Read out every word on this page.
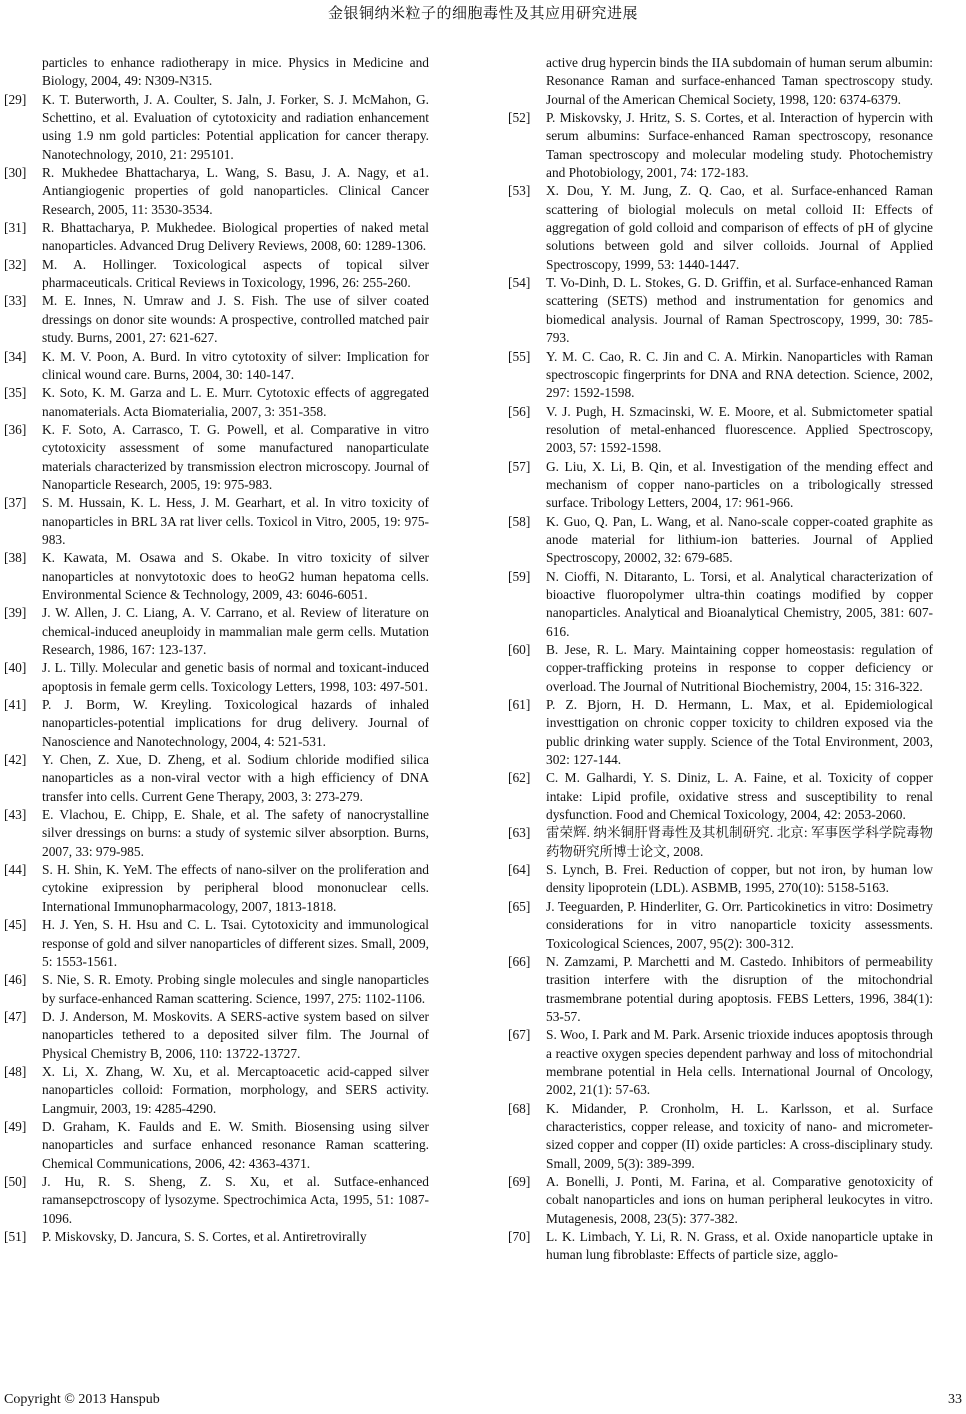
金银铜纳米粒子的细胞毒性及其应用研究进展
particles to enhance radiotherapy in mice. Physics in Medicine and Biology, 2004, 49: N309-N315.
[29]	K. T. Buterworth, J. A. Coulter, S. Jaln, J. Forker, S. J. McMahon, G. Schettino, et al. Evaluation of cytotoxicity and radiation enhancement using 1.9 nm gold particles: Potential application for cancer therapy. Nanotechnology, 2010, 21: 295101.
[30]	R. Mukhedee Bhattacharya, L. Wang, S. Basu, J. A. Nagy, et a1. Antiangiogenic properties of gold nanoparticles. Clinical Cancer Research, 2005, 11: 3530-3534.
[31]	R. Bhattacharya, P. Mukhedee. Biological properties of naked metal nanoparticles. Advanced Drug Delivery Reviews, 2008, 60: 1289-1306.
[32]	M. A. Hollinger. Toxicological aspects of topical silver pharmaceuticals. Critical Reviews in Toxicology, 1996, 26: 255-260.
[33]	M. E. Innes, N. Umraw and J. S. Fish. The use of silver coated dressings on donor site wounds: A prospective, controlled matched pair study. Burns, 2001, 27: 621-627.
[34]	K. M. V. Poon, A. Burd. In vitro cytotoxity of silver: Implication for clinical wound care. Burns, 2004, 30: 140-147.
[35]	K. Soto, K. M. Garza and L. E. Murr. Cytotoxic effects of aggregated nanomaterials. Acta Biomaterialia, 2007, 3: 351-358.
[36]	K. F. Soto, A. Carrasco, T. G. Powell, et al. Comparative in vitro cytotoxicity assessment of some manufactured nanoparticulate materials characterized by transmission electron microscopy. Journal of Nanoparticle Research, 2005, 19: 975-983.
[37]	S. M. Hussain, K. L. Hess, J. M. Gearhart, et al. In vitro toxicity of nanoparticles in BRL 3A rat liver cells. Toxicol in Vitro, 2005, 19: 975-983.
[38]	K. Kawata, M. Osawa and S. Okabe. In vitro toxicity of silver nanoparticles at nonvytotoxic does to heoG2 human hepatoma cells. Environmental Science & Technology, 2009, 43: 6046-6051.
[39]	J. W. Allen, J. C. Liang, A. V. Carrano, et al. Review of literature on chemical-induced aneuploidy in mammalian male germ cells. Mutation Research, 1986, 167: 123-137.
[40]	J. L. Tilly. Molecular and genetic basis of normal and toxicant-induced apoptosis in female germ cells. Toxicology Letters, 1998, 103: 497-501.
[41]	P. J. Borm, W. Kreyling. Toxicological hazards of inhaled nanoparticles-potential implications for drug delivery. Journal of Nanoscience and Nanotechnology, 2004, 4: 521-531.
[42]	Y. Chen, Z. Xue, D. Zheng, et al. Sodium chloride modified silica nanoparticles as a non-viral vector with a high efficiency of DNA transfer into cells. Current Gene Therapy, 2003, 3: 273-279.
[43]	E. Vlachou, E. Chipp, E. Shale, et al. The safety of nanocrystalline silver dressings on burns: a study of systemic silver absorption. Burns, 2007, 33: 979-985.
[44]	S. H. Shin, K. YeM. The effects of nano-silver on the proliferation and cytokine exipression by peripheral blood mononuclear cells. International Immunopharmacology, 2007, 1813-1818.
[45]	H. J. Yen, S. H. Hsu and C. L. Tsai. Cytotoxicity and immunological response of gold and silver nanoparticles of different sizes. Small, 2009, 5: 1553-1561.
[46]	S. Nie, S. R. Emoty. Probing single molecules and single nanoparticles by surface-enhanced Raman scattering. Science, 1997, 275: 1102-1106.
[47]	D. J. Anderson, M. Moskovits. A SERS-active system based on silver nanoparticles tethered to a deposited silver film. The Journal of Physical Chemistry B, 2006, 110: 13722-13727.
[48]	X. Li, X. Zhang, W. Xu, et al. Mercaptoacetic acid-capped silver nanoparticles colloid: Formation, morphology, and SERS activity. Langmuir, 2003, 19: 4285-4290.
[49]	D. Graham, K. Faulds and E. W. Smith. Biosensing using silver nanoparticles and surface enhanced resonance Raman scattering. Chemical Communications, 2006, 42: 4363-4371.
[50]	J. Hu, R. S. Sheng, Z. S. Xu, et al. Sutface-enhanced ramansepctroscopy of lysozyme. Spectrochimica Acta, 1995, 51: 1087-1096.
[51]	P. Miskovsky, D. Jancura, S. S. Cortes, et al. Antiretrovirally
active drug hypercin binds the IIA subdomain of human serum albumin: Resonance Raman and surface-enhanced Taman spectroscopy study. Journal of the American Chemical Society, 1998, 120: 6374-6379.
[52]	P. Miskovsky, J. Hritz, S. S. Cortes, et al. Interaction of hypercin with serum albumins: Surface-enhanced Raman spectroscopy, resonance Taman spectroscopy and molecular modeling study. Photochemistry and Photobiology, 2001, 74: 172-183.
[53]	X. Dou, Y. M. Jung, Z. Q. Cao, et al. Surface-enhanced Raman scattering of biologial moleculs on metal colloid II: Effects of aggregation of gold colloid and comparison of effects of pH of glycine solutions between gold and silver colloids. Journal of Applied Spectroscopy, 1999, 53: 1440-1447.
[54]	T. Vo-Dinh, D. L. Stokes, G. D. Griffin, et al. Surface-enhanced Raman scattering (SETS) method and instrumentation for genomics and biomedical analysis. Journal of Raman Spectroscopy, 1999, 30: 785-793.
[55]	Y. M. C. Cao, R. C. Jin and C. A. Mirkin. Nanoparticles with Raman spectroscopic fingerprints for DNA and RNA detection. Science, 2002, 297: 1592-1598.
[56]	V. J. Pugh, H. Szmacinski, W. E. Moore, et al. Submictometer spatial resolution of metal-enhanced fluorescence. Applied Spectroscopy, 2003, 57: 1592-1598.
[57]	G. Liu, X. Li, B. Qin, et al. Investigation of the mending effect and mechanism of copper nano-particles on a tribologically stressed surface. Tribology Letters, 2004, 17: 961-966.
[58]	K. Guo, Q. Pan, L. Wang, et al. Nano-scale copper-coated graphite as anode material for lithium-ion batteries. Journal of Applied Spectroscopy, 20002, 32: 679-685.
[59]	N. Cioffi, N. Ditaranto, L. Torsi, et al. Analytical characterization of bioactive fluoropolymer ultra-thin coatings modified by copper nanoparticles. Analytical and Bioanalytical Chemistry, 2005, 381: 607-616.
[60]	B. Jese, R. L. Mary. Maintaining copper homeostasis: regulation of copper-trafficking proteins in response to copper deficiency or overload. The Journal of Nutritional Biochemistry, 2004, 15: 316-322.
[61]	P. Z. Bjorn, H. D. Hermann, L. Max, et al. Epidemiological investtigation on chronic copper toxicity to children exposed via the public drinking water supply. Science of the Total Environment, 2003, 302: 127-144.
[62]	C. M. Galhardi, Y. S. Diniz, L. A. Faine, et al. Toxicity of copper intake: Lipid profile, oxidative stress and susceptibility to renal dysfunction. Food and Chemical Toxicology, 2004, 42: 2053-2060.
[63]	雷荣辉. 纳米铜肝肾毒性及其机制研究. 北京: 军事医学科学院毒物药物研究所博士论文, 2008.
[64]	S. Lynch, B. Frei. Reduction of copper, but not iron, by human low density lipoprotein (LDL). ASBMB, 1995, 270(10): 5158-5163.
[65]	J. Teeguarden, P. Hinderliter, G. Orr. Particokinetics in vitro: Dosimetry considerations for in vitro nanoparticle toxicity assessments. Toxicological Sciences, 2007, 95(2): 300-312.
[66]	N. Zamzami, P. Marchetti and M. Castedo. Inhibitors of permeability trasition interfere with the disruption of the mitochondrial trasmembrane potential during apoptosis. FEBS Letters, 1996, 384(1): 53-57.
[67]	S. Woo, I. Park and M. Park. Arsenic trioxide induces apoptosis through a reactive oxygen species dependent parhway and loss of mitochondrial membrane potential in Hela cells. International Journal of Oncology, 2002, 21(1): 57-63.
[68]	K. Midander, P. Cronholm, H. L. Karlsson, et al. Surface characteristics, copper release, and toxicity of nano- and micrometer-sized copper and copper (II) oxide particles: A cross-disciplinary study. Small, 2009, 5(3): 389-399.
[69]	A. Bonelli, J. Ponti, M. Farina, et al. Comparative genotoxicity of cobalt nanoparticles and ions on human peripheral leukocytes in vitro. Mutagenesis, 2008, 23(5): 377-382.
[70]	L. K. Limbach, Y. Li, R. N. Grass, et al. Oxide nanoparticle uptake in human lung fibroblaste: Effects of particle size, agglo-
Copyright © 2013 Hanspub	33
